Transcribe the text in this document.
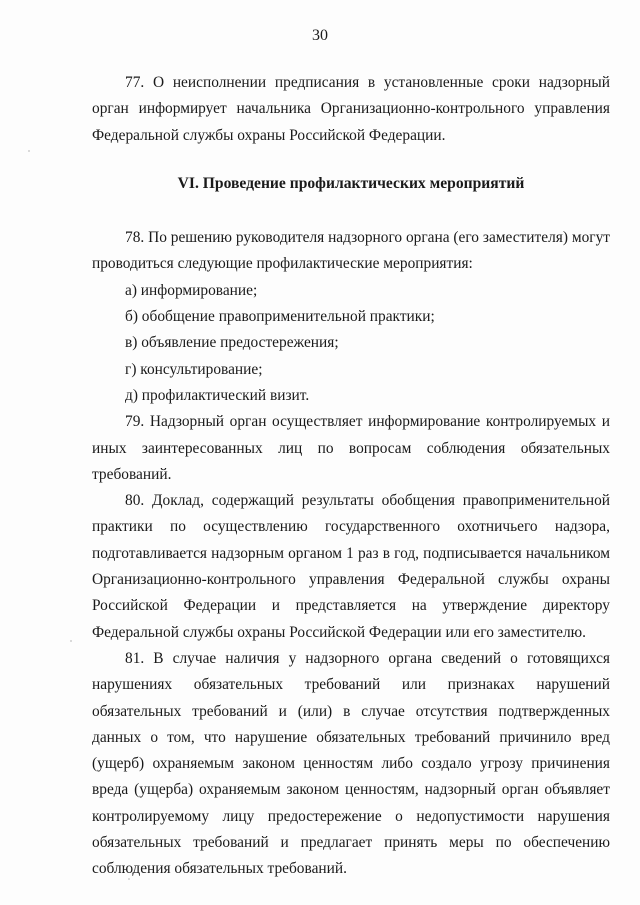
30

77. О неисполнении предписания в установленные сроки надзорный орган информирует начальника Организационно-контрольного управления Федеральной службы охраны Российской Федерации.

VI. Проведение профилактических мероприятий

78. По решению руководителя надзорного органа (его заместителя) могут проводиться следующие профилактические мероприятия:

а) информирование;
б) обобщение правоприменительной практики;
в) объявление предостережения;
г) консультирование;
д) профилактический визит.

79. Надзорный орган осуществляет информирование контролируемых и иных заинтересованных лиц по вопросам соблюдения обязательных требований.

80. Доклад, содержащий результаты обобщения правоприменительной практики по осуществлению государственного охотничьего надзора, подготавливается надзорным органом 1 раз в год, подписывается начальником Организационно-контрольного управления Федеральной службы охраны Российской Федерации и представляется на утверждение директору Федеральной службы охраны Российской Федерации или его заместителю.

81. В случае наличия у надзорного органа сведений о готовящихся нарушениях обязательных требований или признаках нарушений обязательных требований и (или) в случае отсутствия подтвержденных данных о том, что нарушение обязательных требований причинило вред (ущерб) охраняемым законом ценностям либо создало угрозу причинения вреда (ущерба) охраняемым законом ценностям, надзорный орган объявляет контролируемому лицу предостережение о недопустимости нарушения обязательных требований и предлагает принять меры по обеспечению соблюдения обязательных требований.
